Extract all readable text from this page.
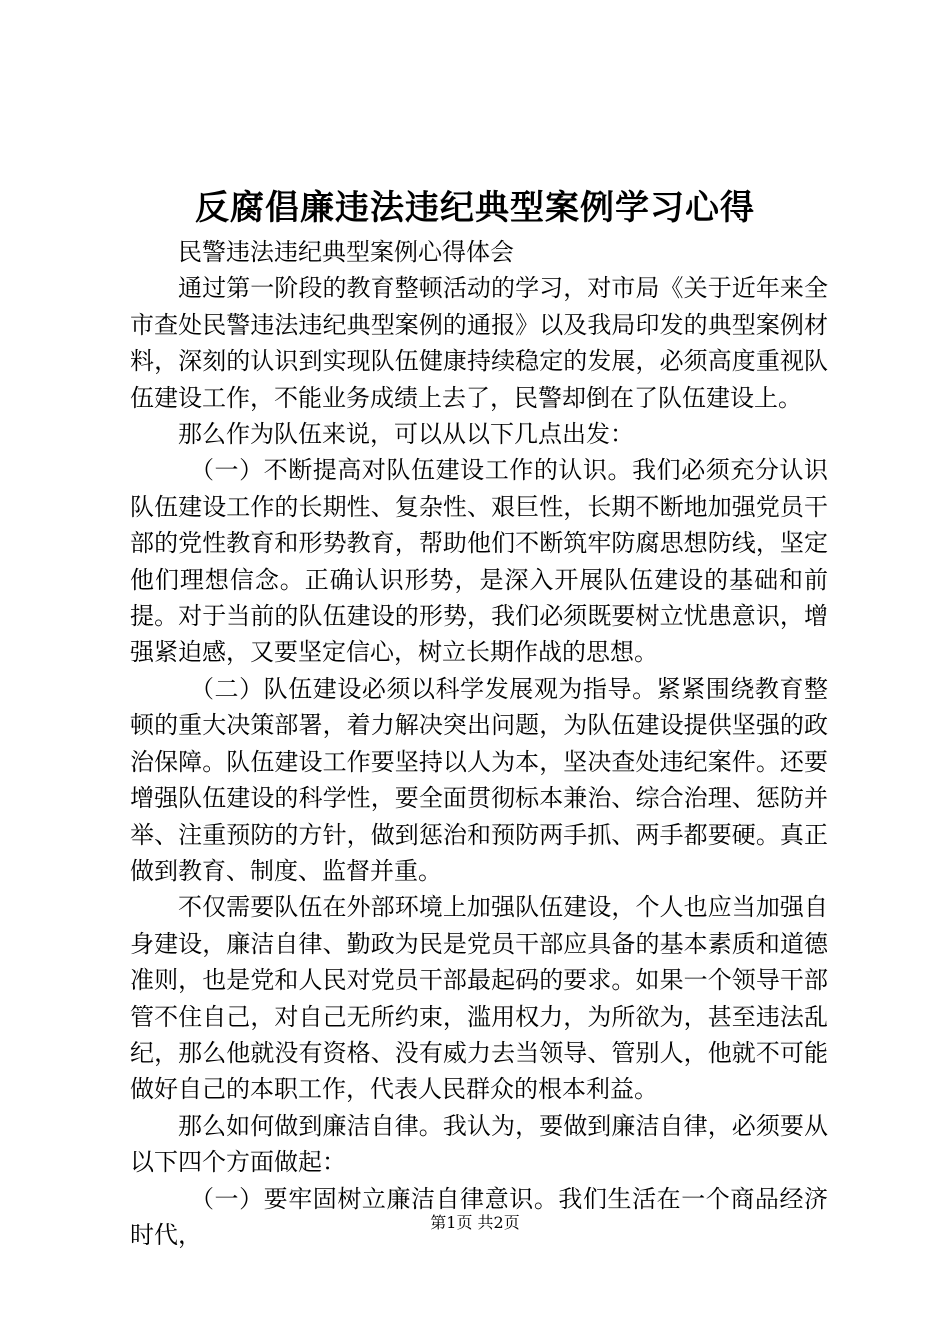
反腐倡廉违法违纪典型案例学习心得

民警违法违纪典型案例心得体会

通过第一阶段的教育整顿活动的学习，对市局《关于近年来全市查处民警违法违纪典型案例的通报》以及我局印发的典型案例材料，深刻的认识到实现队伍健康持续稳定的发展，必须高度重视队伍建设工作，不能业务成绩上去了，民警却倒在了队伍建设上。

那么作为队伍来说，可以从以下几点出发：

（一）不断提高对队伍建设工作的认识。我们必须充分认识队伍建设工作的长期性、复杂性、艰巨性，长期不断地加强党员干部的党性教育和形势教育，帮助他们不断筑牢防腐思想防线，坚定他们理想信念。正确认识形势，是深入开展队伍建设的基础和前提。对于当前的队伍建设的形势，我们必须既要树立忧患意识，增强紧迫感，又要坚定信心，树立长期作战的思想。

（二）队伍建设必须以科学发展观为指导。紧紧围绕教育整顿的重大决策部署，着力解决突出问题，为队伍建设提供坚强的政治保障。队伍建设工作要坚持以人为本，坚决查处违纪案件。还要增强队伍建设的科学性，要全面贯彻标本兼治、综合治理、惩防并举、注重预防的方针，做到惩治和预防两手抓、两手都要硬。真正做到教育、制度、监督并重。

不仅需要队伍在外部环境上加强队伍建设，个人也应当加强自身建设，廉洁自律、勤政为民是党员干部应具备的基本素质和道德准则，也是党和人民对党员干部最起码的要求。如果一个领导干部管不住自己，对自己无所约束，滥用权力，为所欲为，甚至违法乱纪，那么他就没有资格、没有威力去当领导、管别人，他就不可能做好自己的本职工作，代表人民群众的根本利益。

那么如何做到廉洁自律。我认为，要做到廉洁自律，必须要从以下四个方面做起：

（一）要牢固树立廉洁自律意识。我们生活在一个商品经济时代，	第1页 共2页
